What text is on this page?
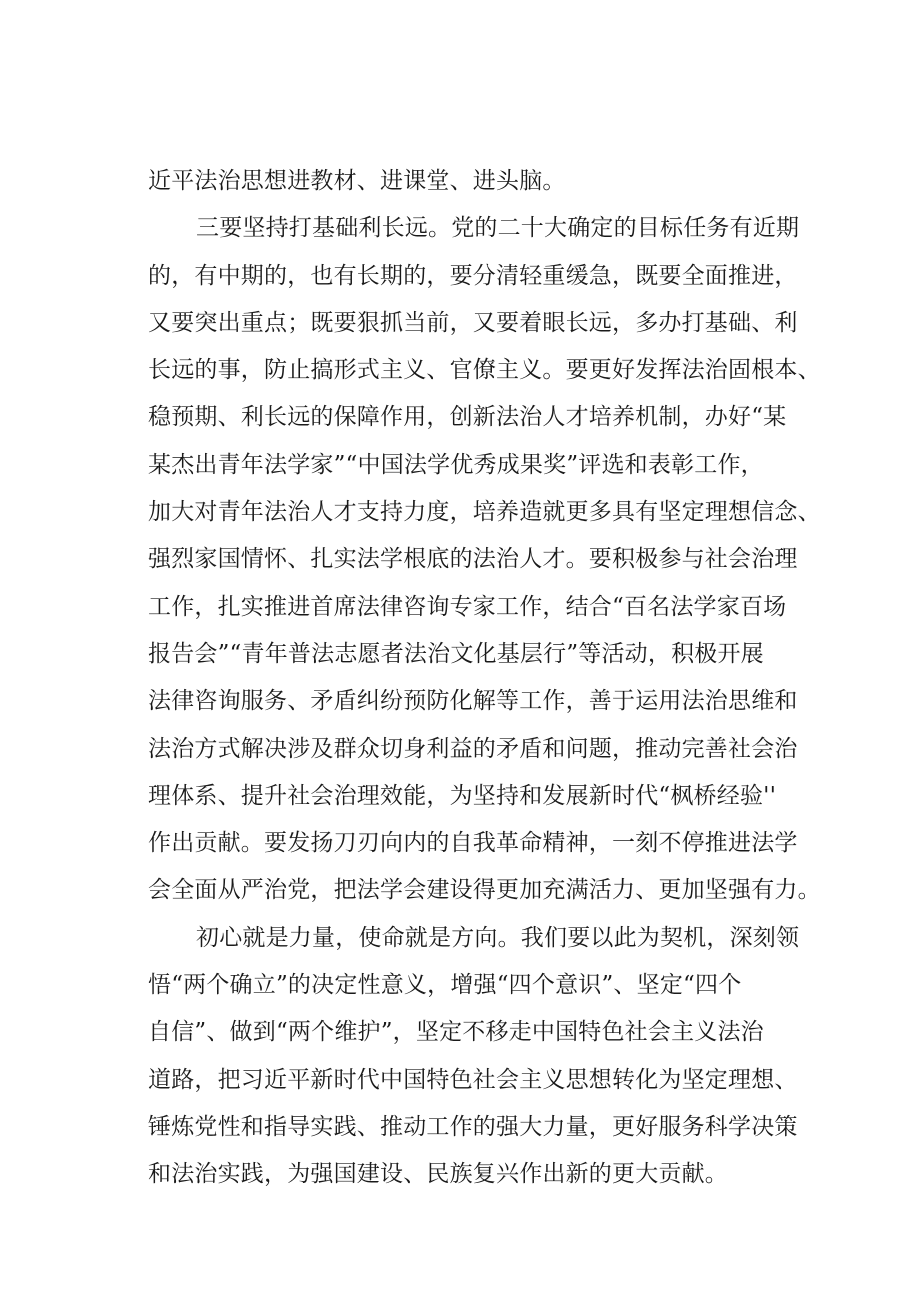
近平法治思想进教材、进课堂、进头脑。
三要坚持打基础利长远。党的二十大确定的目标任务有近期
的，有中期的，也有长期的，要分清轻重缓急，既要全面推进，
又要突出重点；既要狠抓当前，又要着眼长远，多办打基础、利
长远的事，防止搞形式主义、官僚主义。要更好发挥法治固根本、
稳预期、利长远的保障作用，创新法治人才培养机制，办好“某
某杰出青年法学家”“中国法学优秀成果奖”评选和表彰工作，
加大对青年法治人才支持力度，培养造就更多具有坚定理想信念、
强烈家国情怀、扎实法学根底的法治人才。要积极参与社会治理
工作，扎实推进首席法律咨询专家工作，结合“百名法学家百场
报告会”“青年普法志愿者法治文化基层行”等活动，积极开展
法律咨询服务、矛盾纠纷预防化解等工作，善于运用法治思维和
法治方式解决涉及群众切身利益的矛盾和问题，推动完善社会治
理体系、提升社会治理效能，为坚持和发展新时代“枫桥经验''
作出贡献。要发扬刀刃向内的自我革命精神，一刻不停推进法学
会全面从严治党，把法学会建设得更加充满活力、更加坚强有力。
初心就是力量，使命就是方向。我们要以此为契机，深刻领
悟“两个确立”的决定性意义，增强“四个意识”、坚定“四个
自信”、做到“两个维护”，坚定不移走中国特色社会主义法治
道路，把习近平新时代中国特色社会主义思想转化为坚定理想、
锤炼党性和指导实践、推动工作的强大力量，更好服务科学决策
和法治实践，为强国建设、民族复兴作出新的更大贡献。
